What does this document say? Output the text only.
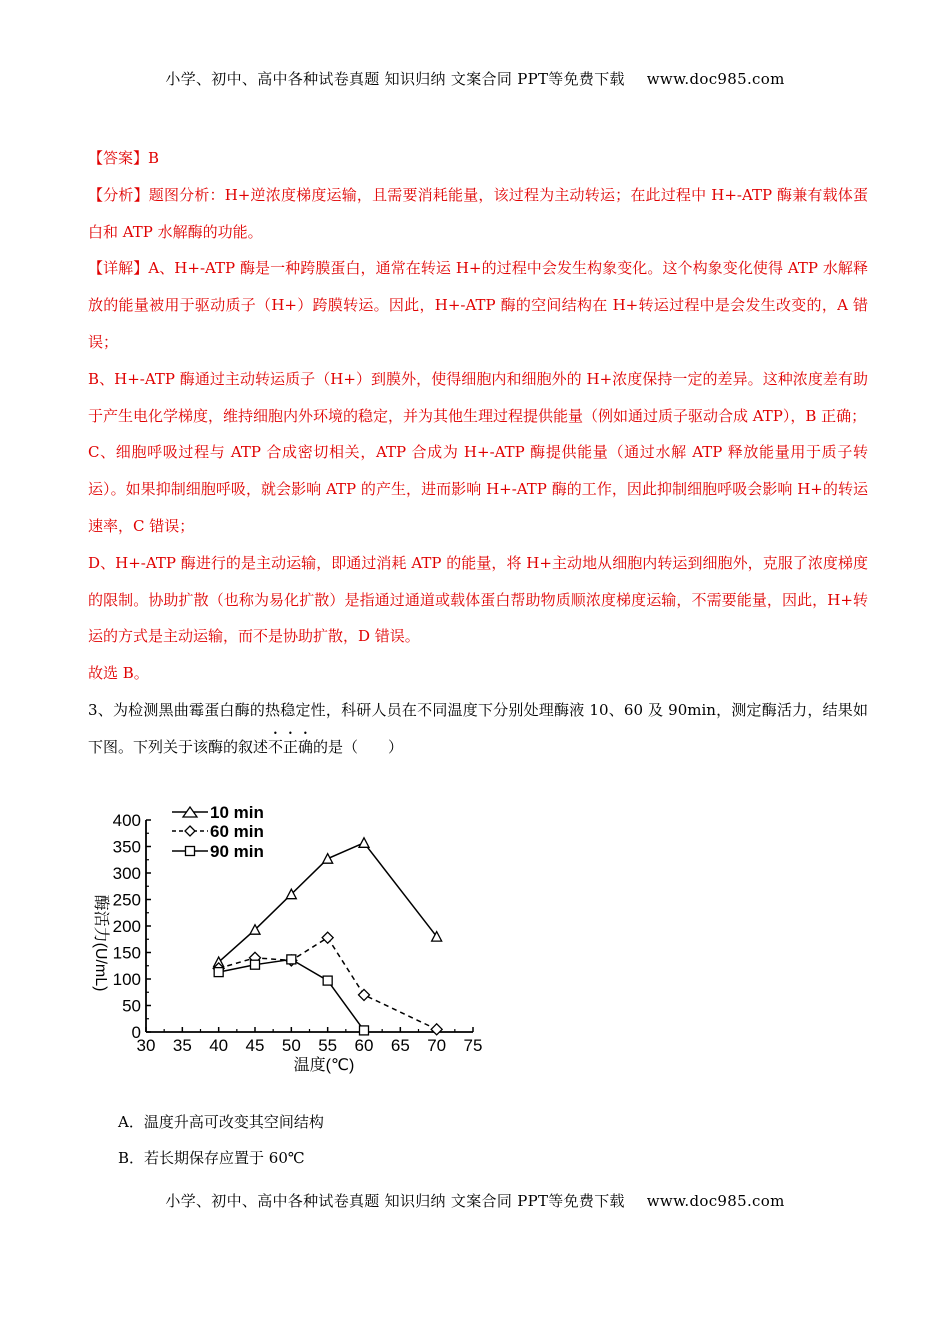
小学、初中、高中各种试卷真题 知识归纳 文案合同 PPT等免费下载 www.doc985.com

【答案】B

【分析】题图分析：H+逆浓度梯度运输，且需要消耗能量，该过程为主动转运；在此过程中 H+-ATP 酶兼有载体蛋白和 ATP 水解酶的功能。

【详解】A、H+-ATP 酶是一种跨膜蛋白，通常在转运 H+的过程中会发生构象变化。这个构象变化使得 ATP 水解释放的能量被用于驱动质子（H+）跨膜转运。因此，H+-ATP 酶的空间结构在 H+转运过程中是会发生改变的，A 错误；

B、H+-ATP 酶通过主动转运质子（H+）到膜外，使得细胞内和细胞外的 H+浓度保持一定的差异。这种浓度差有助于产生电化学梯度，维持细胞内外环境的稳定，并为其他生理过程提供能量（例如通过质子驱动合成 ATP），B 正确；

C、细胞呼吸过程与 ATP 合成密切相关，ATP 合成为 H+-ATP 酶提供能量（通过水解 ATP 释放能量用于质子转运）。如果抑制细胞呼吸，就会影响 ATP 的产生，进而影响 H+-ATP 酶的工作，因此抑制细胞呼吸会影响 H+的转运速率，C 错误；

D、H+-ATP 酶进行的是主动运输，即通过消耗 ATP 的能量，将 H+主动地从细胞内转运到细胞外，克服了浓度梯度的限制。协助扩散（也称为易化扩散）是指通过通道或载体蛋白帮助物质顺浓度梯度运输，不需要能量，因此，H+转运的方式是主动运输，而不是协助扩散，D 错误。

故选 B。

3、为检测黑曲霉蛋白酶的热稳定性，科研人员在不同温度下分别处理酶液 10、60 及 90min，测定酶活力，结果如下图。下列关于该酶的叙述不正确的是（　　）

10 min
60 min
90 min
30 35 40 45 50 55 60 65 70 75
0
50
100
150
200
250
300
350
400
温度(℃)
酶活力(U/mL)

A．温度升高可改变其空间结构

B．若长期保存应置于 60℃

小学、初中、高中各种试卷真题 知识归纳 文案合同 PPT等免费下载 www.doc985.com
